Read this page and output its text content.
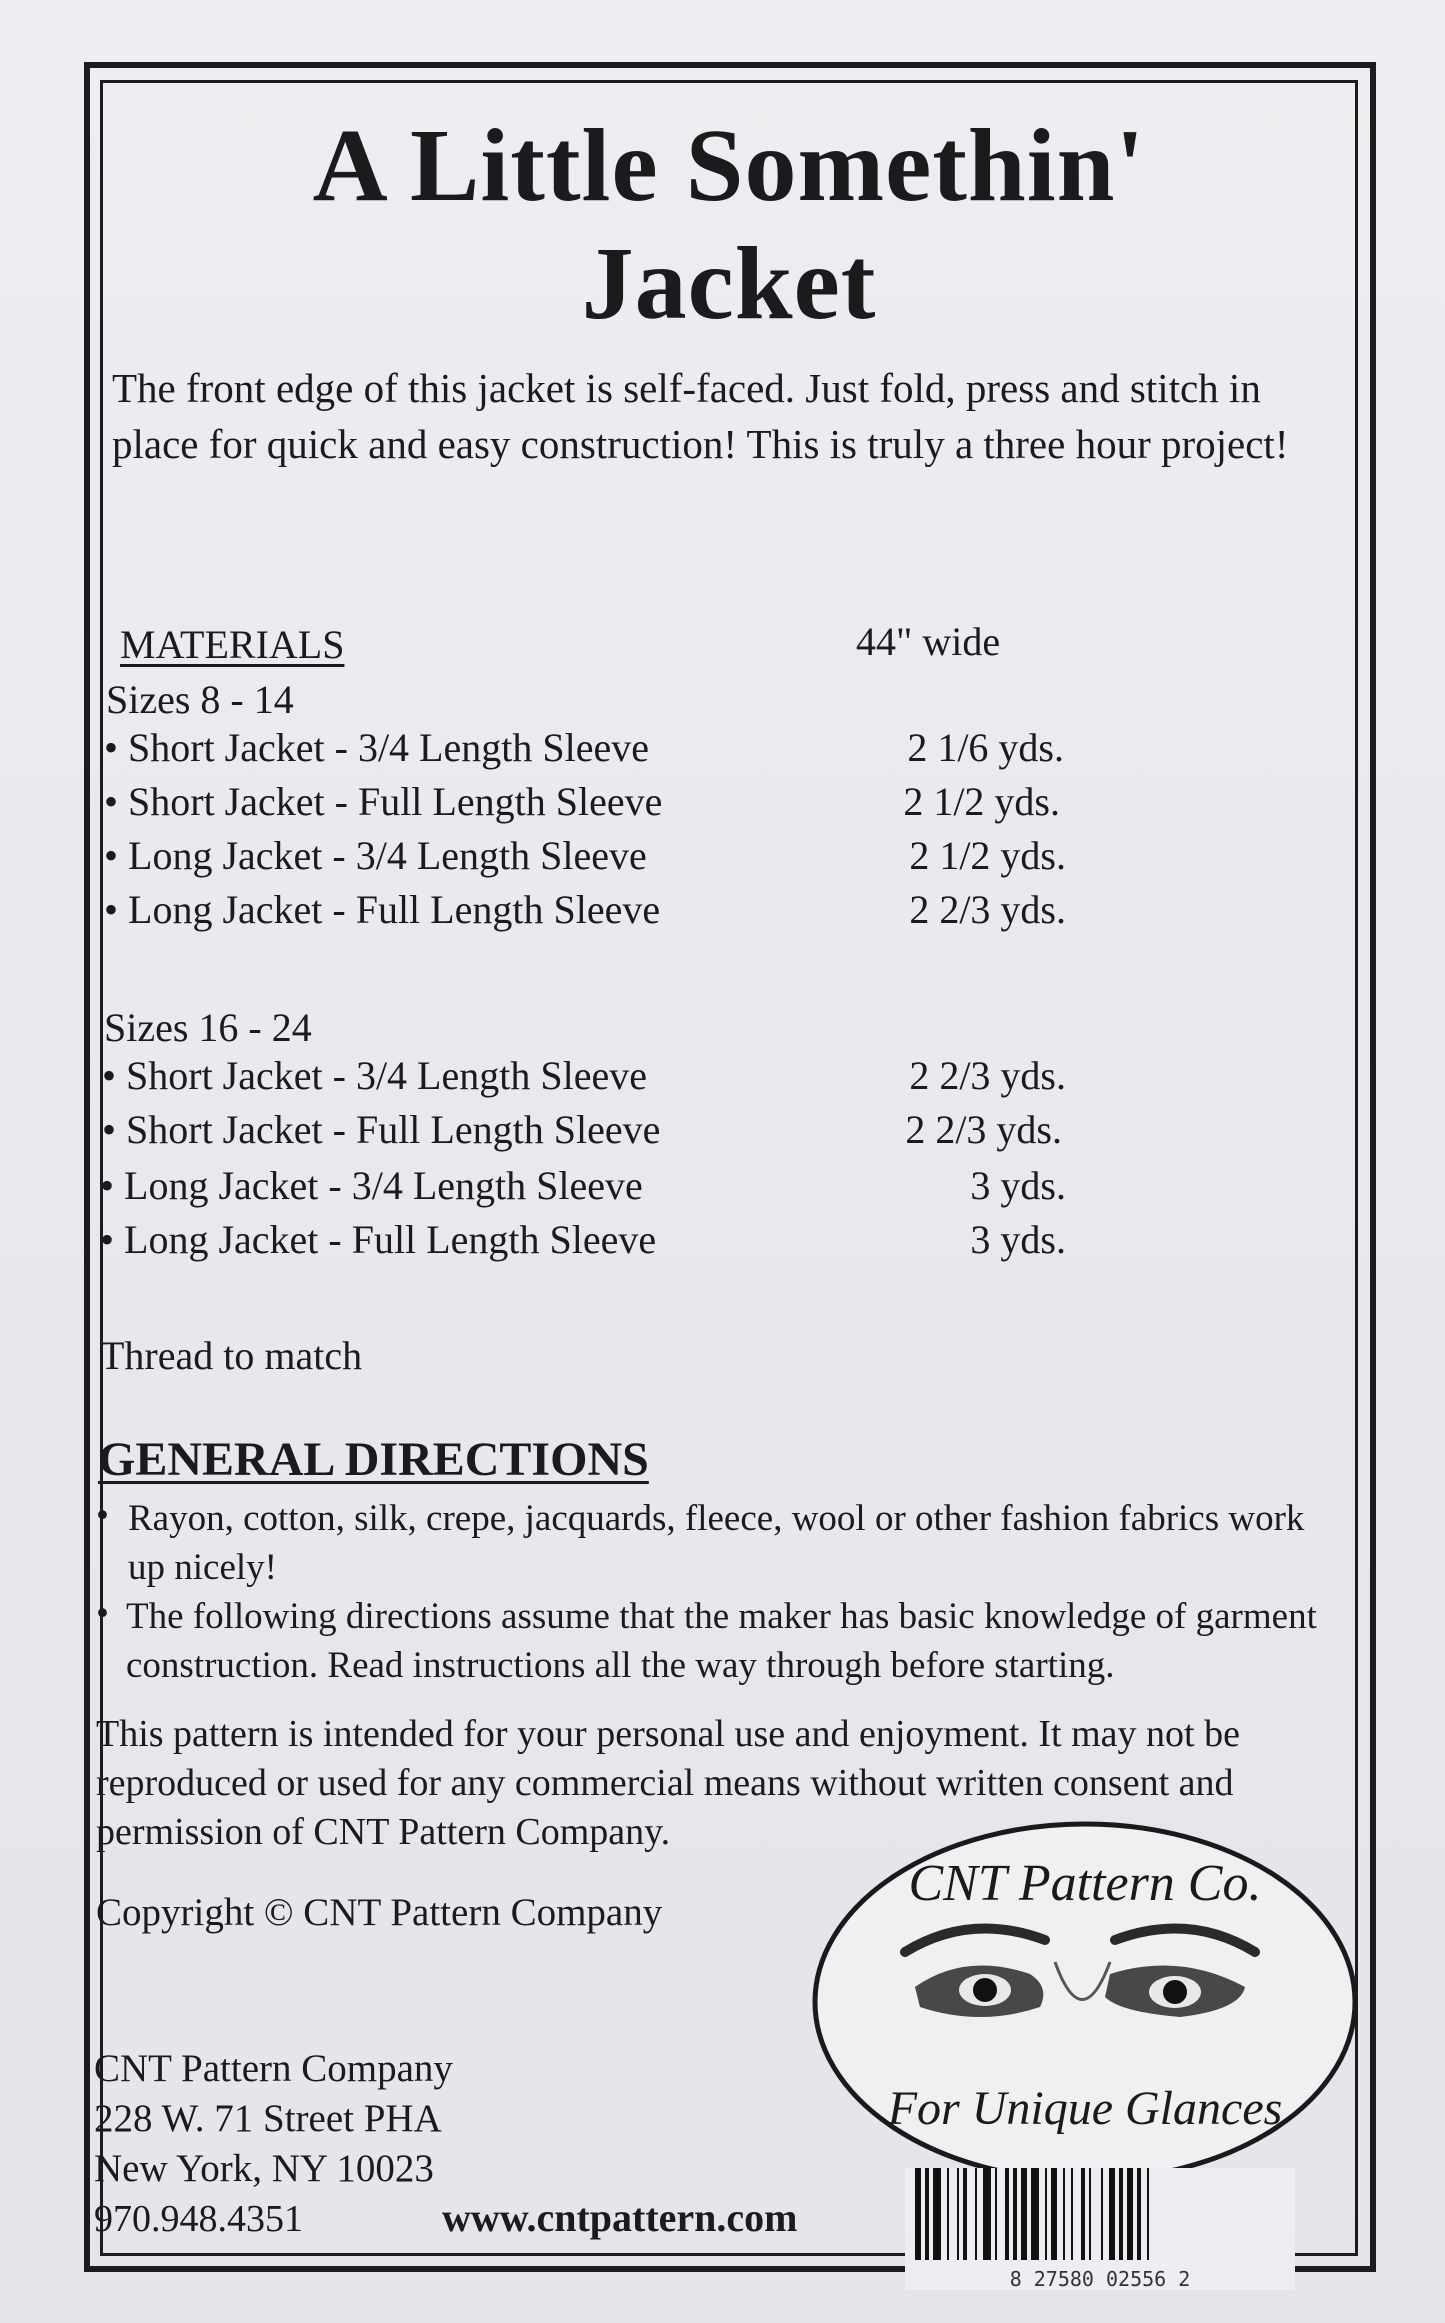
A Little Somethin'
Jacket
The front edge of this jacket is self-faced. Just fold, press and stitch in place for quick and easy construction! This is truly a three hour project!
MATERIALS	44" wide
Sizes 8 - 14
• Short Jacket - 3/4 Length Sleeve	2 1/6 yds.
• Short Jacket - Full Length Sleeve	2 1/2 yds.
• Long Jacket - 3/4 Length Sleeve	2 1/2 yds.
• Long Jacket - Full Length Sleeve	2 2/3 yds.
Sizes 16 - 24
• Short Jacket - 3/4 Length Sleeve	2 2/3 yds.
• Short Jacket - Full Length Sleeve	2 2/3 yds.
• Long Jacket - 3/4 Length Sleeve	3 yds.
• Long Jacket - Full Length Sleeve	3 yds.
Thread to match
GENERAL DIRECTIONS
• Rayon, cotton, silk, crepe, jacquards, fleece, wool or other fashion fabrics work up nicely!
• The following directions assume that the maker has basic knowledge of garment construction. Read instructions all the way through before starting.
This pattern is intended for your personal use and enjoyment. It may not be reproduced or used for any commercial means without written consent and permission of CNT Pattern Company.
Copyright © CNT Pattern Company
CNT Pattern Company
228 W. 71 Street PHA
New York, NY 10023
970.948.4351	www.cntpattern.com
CNT Pattern Co.
For Unique Glances
8 27580 02556 2
